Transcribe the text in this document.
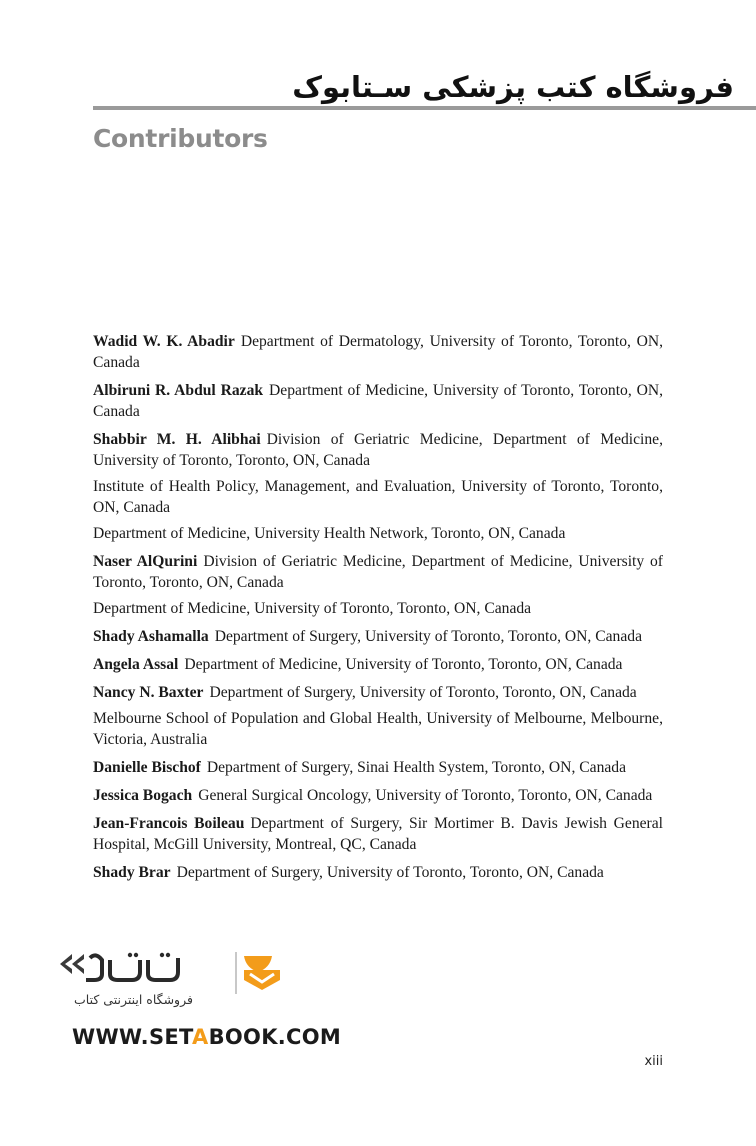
فروشگاه کتب پزشکی سـتابوک
Contributors
Wadid W. K. Abadir Department of Dermatology, University of Toronto, Toronto, ON, Canada
Albiruni R. Abdul Razak Department of Medicine, University of Toronto, Toronto, ON, Canada
Shabbir M. H. Alibhai Division of Geriatric Medicine, Department of Medicine, University of Toronto, Toronto, ON, Canada
Institute of Health Policy, Management, and Evaluation, University of Toronto, Toronto, ON, Canada
Department of Medicine, University Health Network, Toronto, ON, Canada
Naser AlQurini Division of Geriatric Medicine, Department of Medicine, University of Toronto, Toronto, ON, Canada
Department of Medicine, University of Toronto, Toronto, ON, Canada
Shady Ashamalla Department of Surgery, University of Toronto, Toronto, ON, Canada
Angela Assal Department of Medicine, University of Toronto, Toronto, ON, Canada
Nancy N. Baxter Department of Surgery, University of Toronto, Toronto, ON, Canada
Melbourne School of Population and Global Health, University of Melbourne, Melbourne, Victoria, Australia
Danielle Bischof Department of Surgery, Sinai Health System, Toronto, ON, Canada
Jessica Bogach General Surgical Oncology, University of Toronto, Toronto, ON, Canada
Jean-Francois Boileau Department of Surgery, Sir Mortimer B. Davis Jewish General Hospital, McGill University, Montreal, QC, Canada
Shady Brar Department of Surgery, University of Toronto, Toronto, ON, Canada
فروشگاه اینترنتی کتاب
WWW.SETABOOK.COM
xiii
